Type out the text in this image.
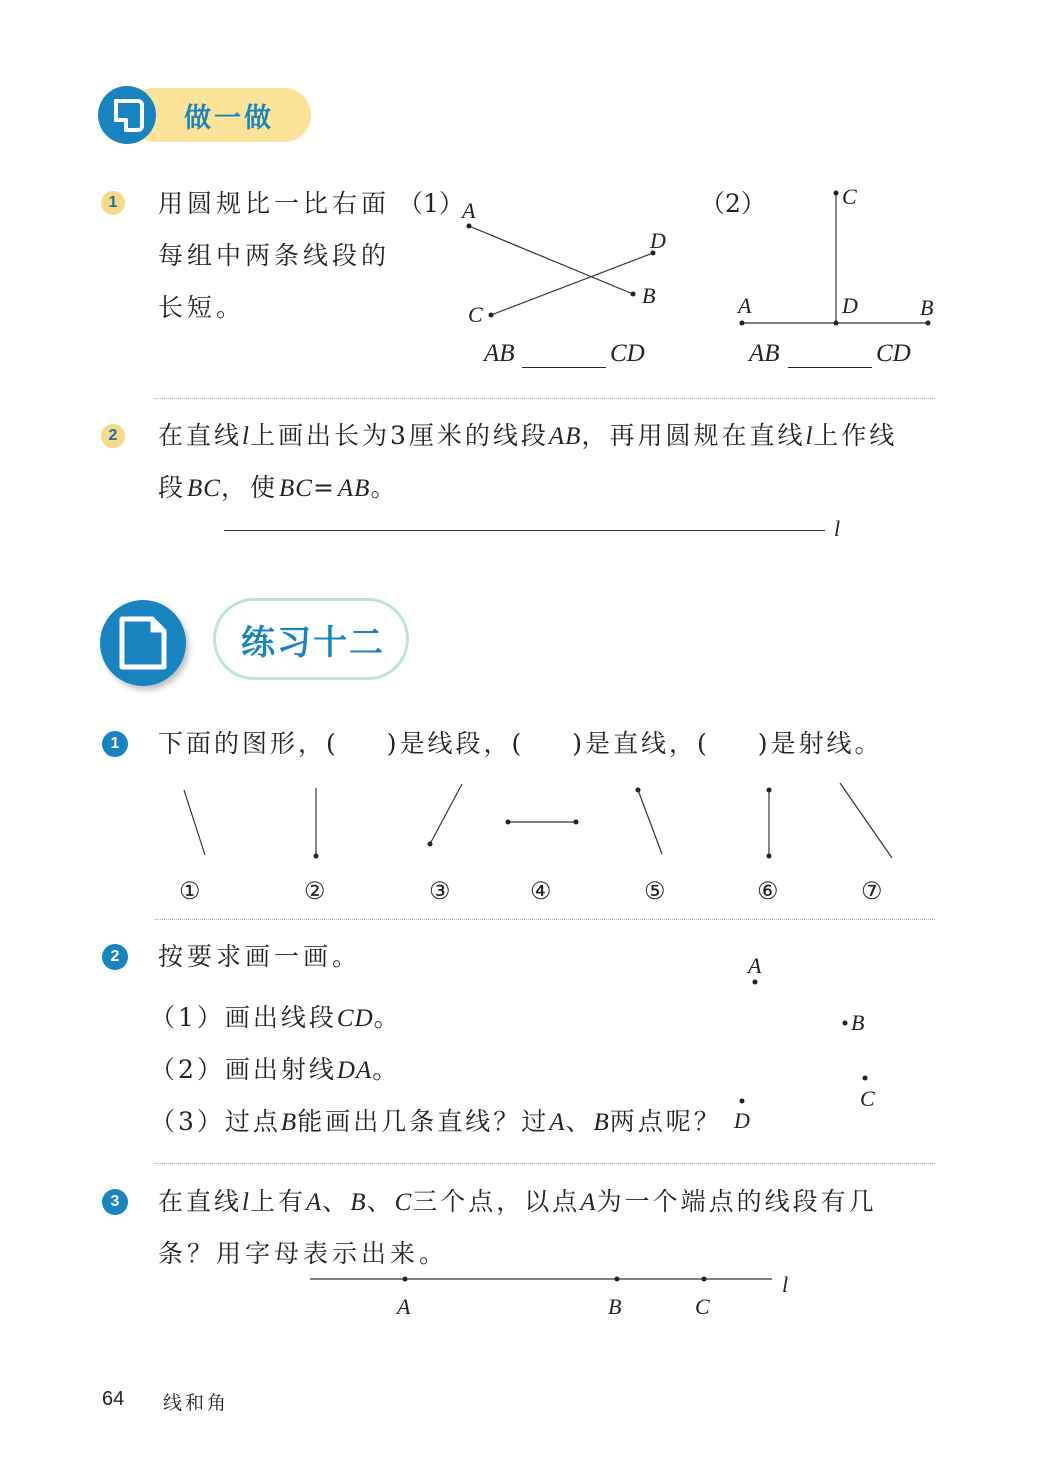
做一做
1	用圆规比一比右面
每组中两条线段的
长短。
（1）
A
D
B
C
AB	CD
（2）	C
A	D	B
AB	CD
2	在直线l上画出长为3厘米的线段AB，再用圆规在直线l上作线
段BC，使BC=AB。
l
练习十二
1	下面的图形，( )是线段，( )是直线，( )是射线。
①	②	③	④	⑤	⑥	⑦
2	按要求画一画。
（1）画出线段CD。
（2）画出射线DA。
（3）过点B能画出几条直线？过A、B两点呢？
A
B
C
D
3	在直线l上有A、B、C三个点，以点A为一个端点的线段有几
条？用字母表示出来。
A	B	C
l
64 线和角
